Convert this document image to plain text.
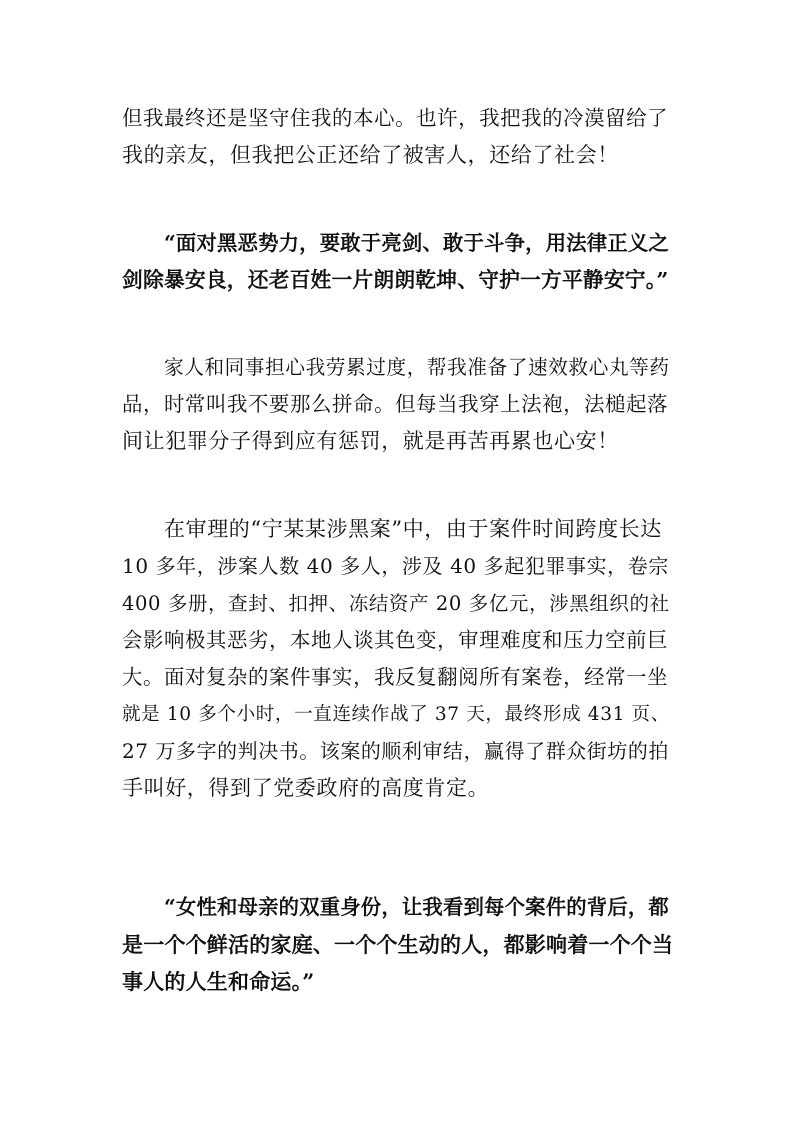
但我最终还是坚守住我的本心。也许，我把我的冷漠留给了
我的亲友，但我把公正还给了被害人，还给了社会！

“面对黑恶势力，要敢于亮剑、敢于斗争，用法律正义之
剑除暴安良，还老百姓一片朗朗乾坤、守护一方平静安宁。”

家人和同事担心我劳累过度，帮我准备了速效救心丸等药
品，时常叫我不要那么拼命。但每当我穿上法袍，法槌起落
间让犯罪分子得到应有惩罚，就是再苦再累也心安！

在审理的“宁某某涉黑案”中，由于案件时间跨度长达
10 多年，涉案人数 40 多人，涉及 40 多起犯罪事实，卷宗
400 多册，查封、扣押、冻结资产 20 多亿元，涉黑组织的社
会影响极其恶劣，本地人谈其色变，审理难度和压力空前巨
大。面对复杂的案件事实，我反复翻阅所有案卷，经常一坐
就是 10 多个小时，一直连续作战了 37 天，最终形成 431 页、
27 万多字的判决书。该案的顺利审结，赢得了群众街坊的拍
手叫好，得到了党委政府的高度肯定。

“女性和母亲的双重身份，让我看到每个案件的背后，都
是一个个鲜活的家庭、一个个生动的人，都影响着一个个当
事人的人生和命运。”
